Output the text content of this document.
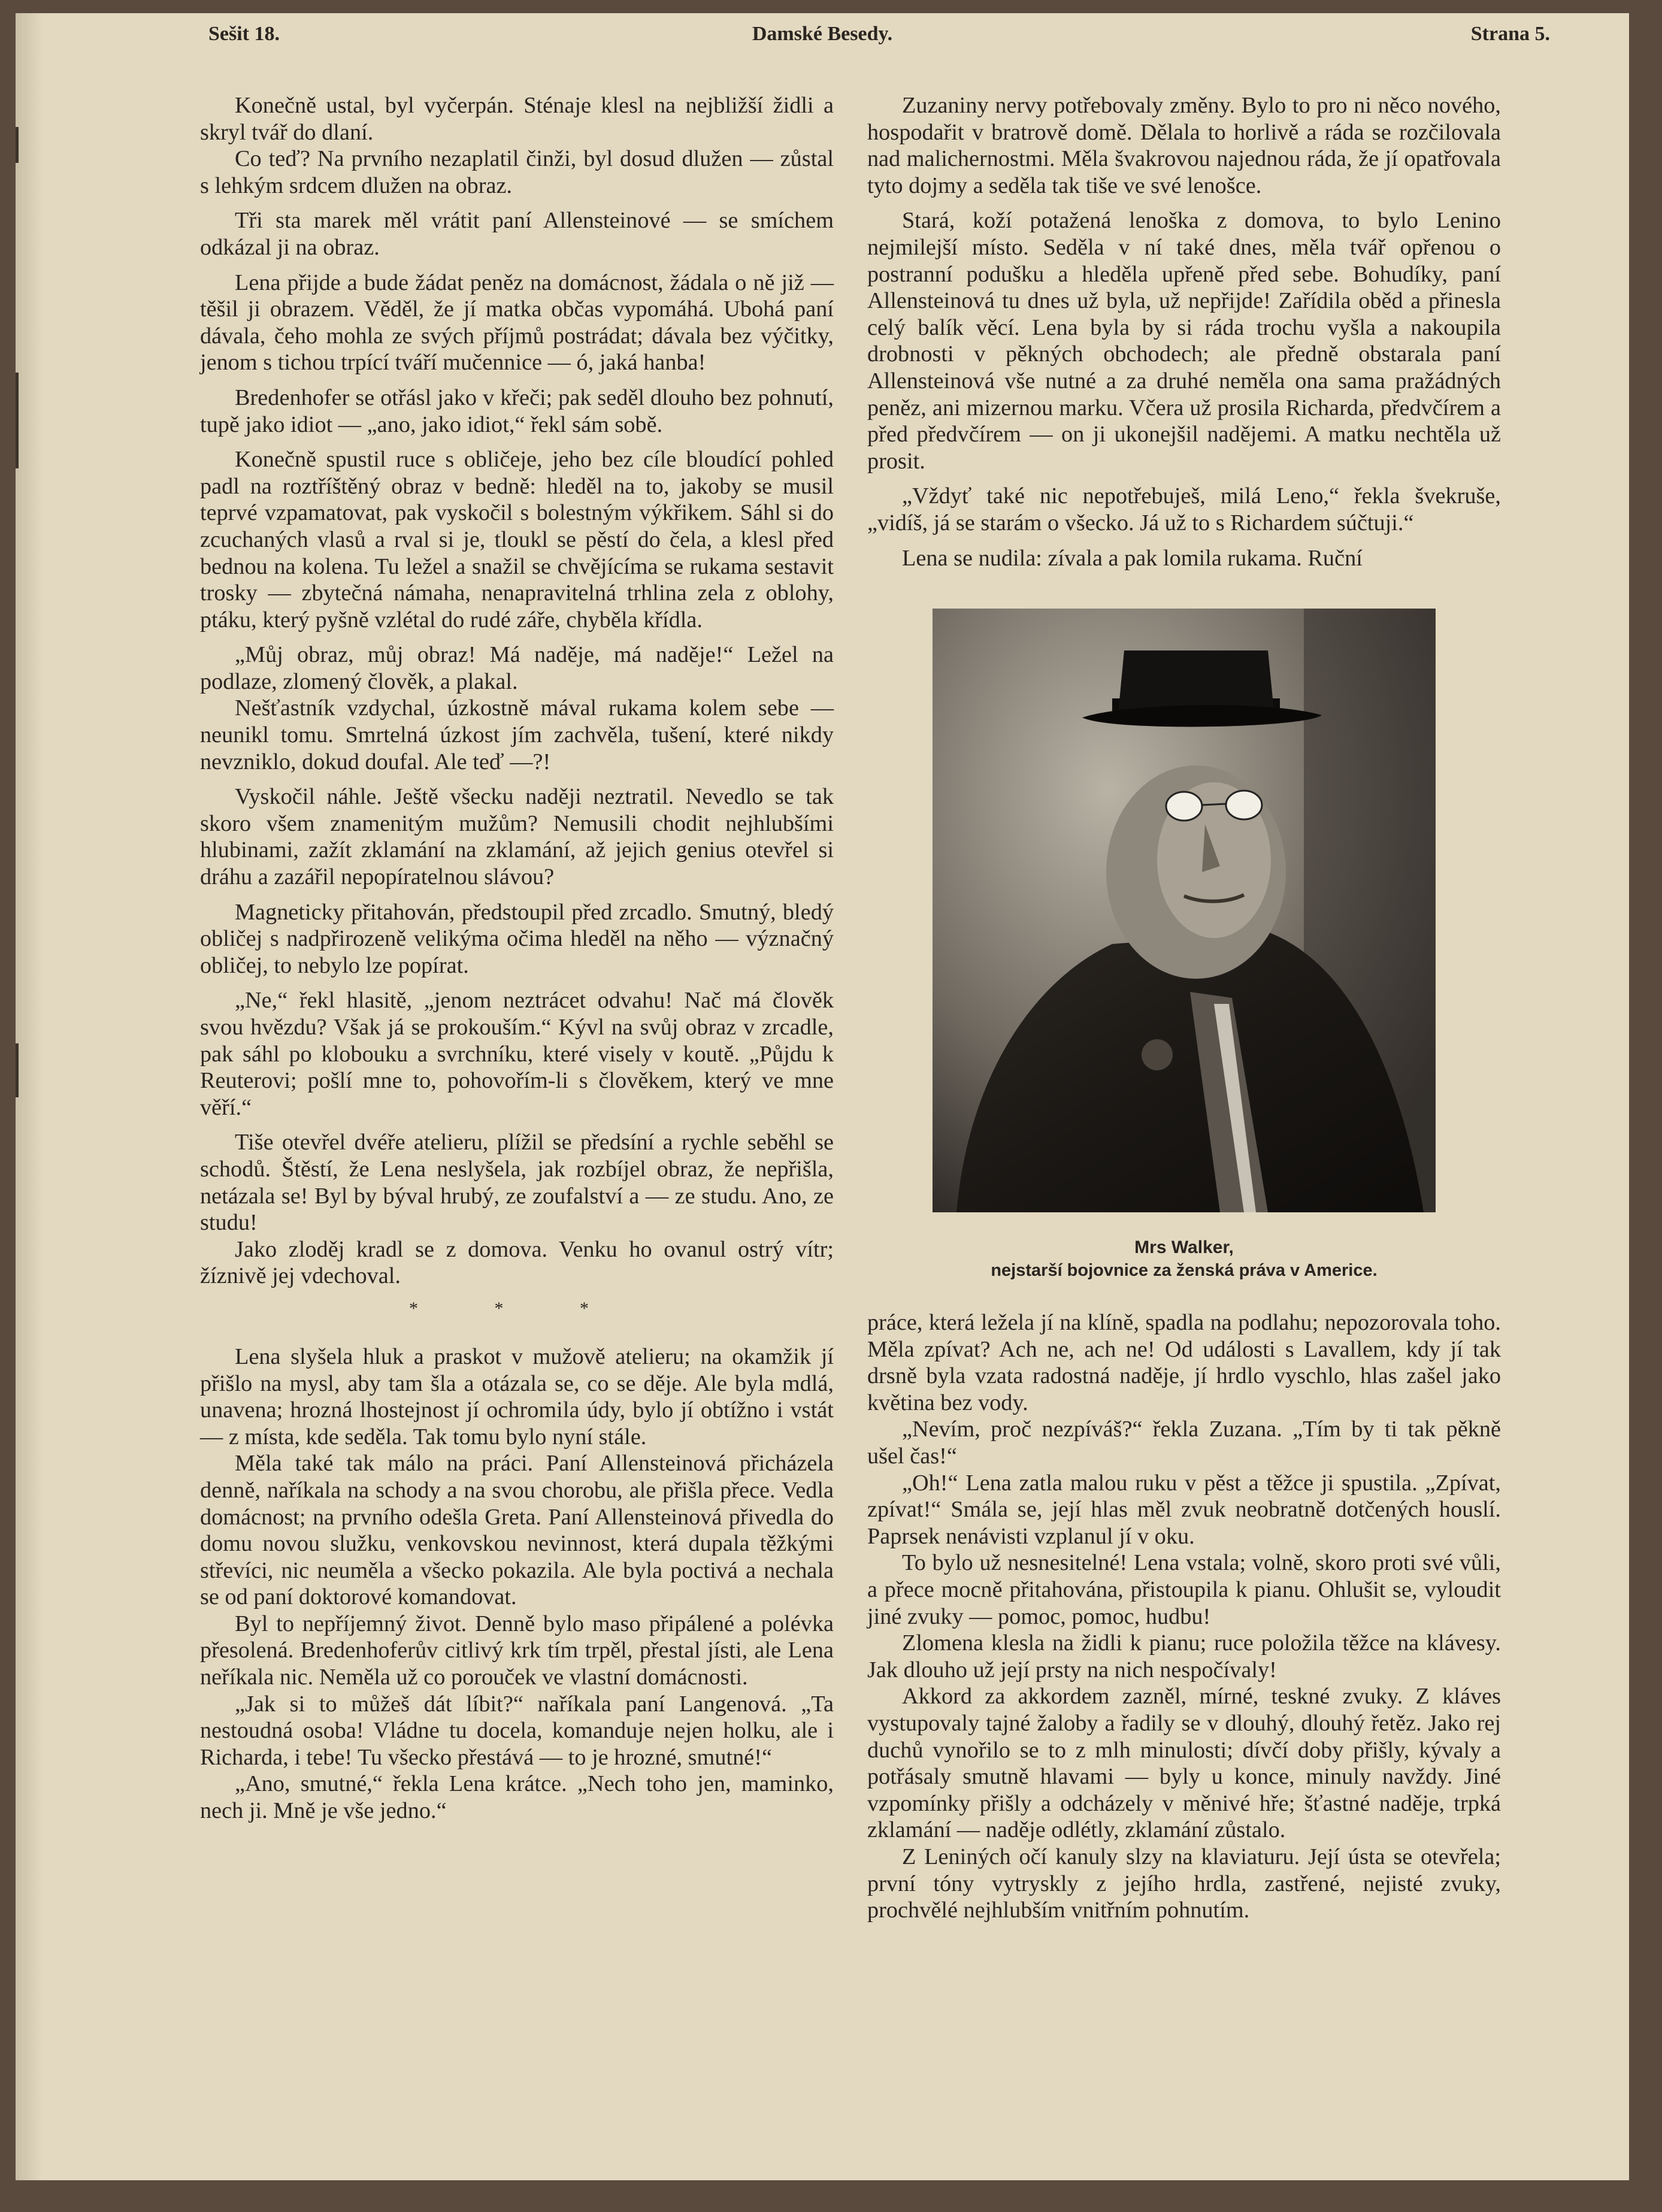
Sešit 18.	Damské Besedy.	Strana 5.

Konečně ustal, byl vyčerpán. Sténaje klesl na nejbližší židli a skryl tvář do dlaní.

Co teď? Na prvního nezaplatil činži, byl dosud dlužen — zůstal s lehkým srdcem dlužen na obraz.

Tři sta marek měl vrátit paní Allensteinové — se smíchem odkázal ji na obraz.

Lena přijde a bude žádat peněz na domácnost, žádala o ně již — těšil ji obrazem. Věděl, že jí matka občas vypomáhá. Ubohá paní dávala, čeho mohla ze svých příjmů postrádat; dávala bez výčitky, jenom s tichou trpící tváří mučennice — ó, jaká hanba!

Bredenhofer se otřásl jako v křeči; pak seděl dlouho bez pohnutí, tupě jako idiot — „ano, jako idiot,“ řekl sám sobě.

Konečně spustil ruce s obličeje, jeho bez cíle bloudící pohled padl na roztříštěný obraz v bedně: hleděl na to, jakoby se musil teprvé vzpamatovat, pak vyskočil s bolestným výkřikem. Sáhl si do zcuchaných vlasů a rval si je, tloukl se pěstí do čela, a klesl před bednou na kolena. Tu ležel a snažil se chvějícíma se rukama sestavit trosky — zbytečná námaha, nenapravitelná trhlina zela z oblohy, ptáku, který pyšně vzlétal do rudé záře, chyběla křídla.

„Můj obraz, můj obraz! Má naděje, má naděje!“ Ležel na podlaze, zlomený člověk, a plakal.

Nešťastník vzdychal, úzkostně mával rukama kolem sebe — neunikl tomu. Smrtelná úzkost jím zachvěla, tušení, které nikdy nevzniklo, dokud doufal. Ale teď —?!

Vyskočil náhle. Ještě všecku naději neztratil. Nevedlo se tak skoro všem znamenitým mužům? Nemusili chodit nejhlubšími hlubinami, zažít zklamání na zklamání, až jejich genius otevřel si dráhu a zazářil nepopíratelnou slávou?

Magneticky přitahován, předstoupil před zrcadlo. Smutný, bledý obličej s nadpřirozeně velikýma očima hleděl na něho — význačný obličej, to nebylo lze popírat.

„Ne,“ řekl hlasitě, „jenom neztrácet odvahu! Nač má člověk svou hvězdu? Však já se prokouším.“ Kývl na svůj obraz v zrcadle, pak sáhl po klobouku a svrchníku, které visely v koutě. „Půjdu k Reuterovi; pošlí mne to, pohovořím-li s člověkem, který ve mne věří.“

Tiše otevřel dvéře atelieru, plížil se předsíní a rychle seběhl se schodů. Štěstí, že Lena neslyšela, jak rozbíjel obraz, že nepřišla, netázala se! Byl by býval hrubý, ze zoufalství a — ze studu. Ano, ze studu!

Jako zloděj kradl se z domova. Venku ho ovanul ostrý vítr; žíznivě jej vdechoval.

* * *

Lena slyšela hluk a praskot v mužově atelieru; na okamžik jí přišlo na mysl, aby tam šla a otázala se, co se děje. Ale byla mdlá, unavena; hrozná lhostejnost jí ochromila údy, bylo jí obtížno i vstát — z místa, kde seděla. Tak tomu bylo nyní stále.

Měla také tak málo na práci. Paní Allensteinová přicházela denně, naříkala na schody a na svou chorobu, ale přišla přece. Vedla domácnost; na prvního odešla Greta. Paní Allensteinová přivedla do domu novou služku, venkovskou nevinnost, která dupala těžkými střevíci, nic neuměla a všecko pokazila. Ale byla poctivá a nechala se od paní doktorové komandovat.

Byl to nepříjemný život. Denně bylo maso připálené a polévka přesolená. Bredenhoferův citlivý krk tím trpěl, přestal jísti, ale Lena neříkala nic. Neměla už co porouček ve vlastní domácnosti.

„Jak si to můžeš dát líbit?“ naříkala paní Langenová. „Ta nestoudná osoba! Vládne tu docela, komanduje nejen holku, ale i Richarda, i tebe! Tu všecko přestává — to je hrozné, smutné!“

„Ano, smutné,“ řekla Lena krátce. „Nech toho jen, maminko, nech ji. Mně je vše jedno.“

Zuzaniny nervy potřebovaly změny. Bylo to pro ni něco nového, hospodařit v bratrově domě. Dělala to horlivě a ráda se rozčilovala nad malichernostmi. Měla švakrovou najednou ráda, že jí opatřovala tyto dojmy a seděla tak tiše ve své lenošce.

Stará, koží potažená lenoška z domova, to bylo Lenino nejmilejší místo. Seděla v ní také dnes, měla tvář opřenou o postranní podušku a hleděla upřeně před sebe. Bohudíky, paní Allensteinová tu dnes už byla, už nepřijde! Zařídila oběd a přinesla celý balík věcí. Lena byla by si ráda trochu vyšla a nakoupila drobnosti v pěkných obchodech; ale předně obstarala paní Allensteinová vše nutné a za druhé neměla ona sama pražádných peněz, ani mizernou marku. Včera už prosila Richarda, předvčírem a před předvčírem — on ji ukonejšil nadějemi. A matku nechtěla už prosit.

„Vždyť také nic nepotřebuješ, milá Leno,“ řekla švekruše, „vidíš, já se starám o všecko. Já už to s Richardem súčtuji.“

Lena se nudila: zívala a pak lomila rukama. Ruční

Mrs Walker,
nejstarší bojovnice za ženská práva v Americe.

práce, která ležela jí na klíně, spadla na podlahu; nepozorovala toho. Měla zpívat? Ach ne, ach ne! Od události s Lavallem, kdy jí tak drsně byla vzata radostná naděje, jí hrdlo vyschlo, hlas zašel jako květina bez vody.

„Nevím, proč nezpíváš?“ řekla Zuzana. „Tím by ti tak pěkně ušel čas!“

„Oh!“ Lena zatla malou ruku v pěst a těžce ji spustila. „Zpívat, zpívat!“ Smála se, její hlas měl zvuk neobratně dotčených houslí. Paprsek nenávisti vzplanul jí v oku.

To bylo už nesnesitelné! Lena vstala; volně, skoro proti své vůli, a přece mocně přitahována, přistoupila k pianu. Ohlušit se, vyloudit jiné zvuky — pomoc, pomoc, hudbu!

Zlomena klesla na židli k pianu; ruce položila těžce na klávesy. Jak dlouho už její prsty na nich nespočívaly!

Akkord za akkordem zazněl, mírné, teskné zvuky. Z kláves vystupovaly tajné žaloby a řadily se v dlouhý, dlouhý řetěz. Jako rej duchů vynořilo se to z mlh minulosti; dívčí doby přišly, kývaly a potřásaly smutně hlavami — byly u konce, minuly navždy. Jiné vzpomínky přišly a odcházely v měnivé hře; šťastné naděje, trpká zklamání — naděje odlétly, zklamání zůstalo.

Z Leniných očí kanuly slzy na klaviaturu. Její ústa se otevřela; první tóny vytryskly z jejího hrdla, zastřené, nejisté zvuky, prochvělé nejhlubším vnitřním pohnutím.
